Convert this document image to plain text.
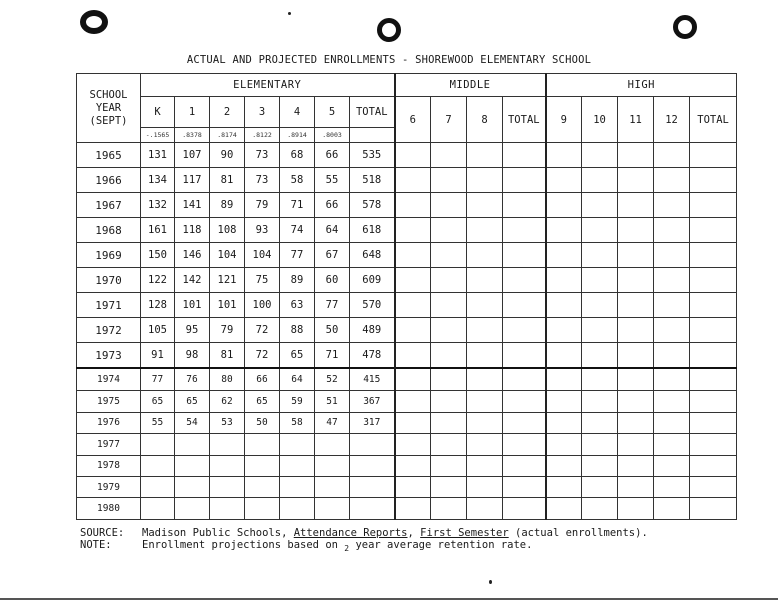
ACTUAL AND PROJECTED ENROLLMENTS - SHOREWOOD ELEMENTARY SCHOOL
SCHOOL YEAR (SEPT)	ELEMENTARY							MIDDLE				HIGH				
	K	1	2	3	4	5	TOTAL	6	7	8	TOTAL	9	10	11	12	TOTAL
	-.1565	.8378	.8174	.8122	.8914	.8003										
1965	131	107	90	73	68	66	535									
1966	134	117	81	73	58	55	518									
1967	132	141	89	79	71	66	578									
1968	161	118	108	93	74	64	618									
1969	150	146	104	104	77	67	648									
1970	122	142	121	75	89	60	609									
1971	128	101	101	100	63	77	570									
1972	105	95	79	72	88	50	489									
1973	91	98	81	72	65	71	478									
1974	77	76	80	66	64	52	415									
1975	65	65	62	65	59	51	367									
1976	55	54	53	50	58	47	317									
1977																
1978																
1979																
1980																
SOURCE: Madison Public Schools, Attendance Reports, First Semester (actual enrollments).
NOTE:	Enrollment projections based on $_2$ year average retention rate.
